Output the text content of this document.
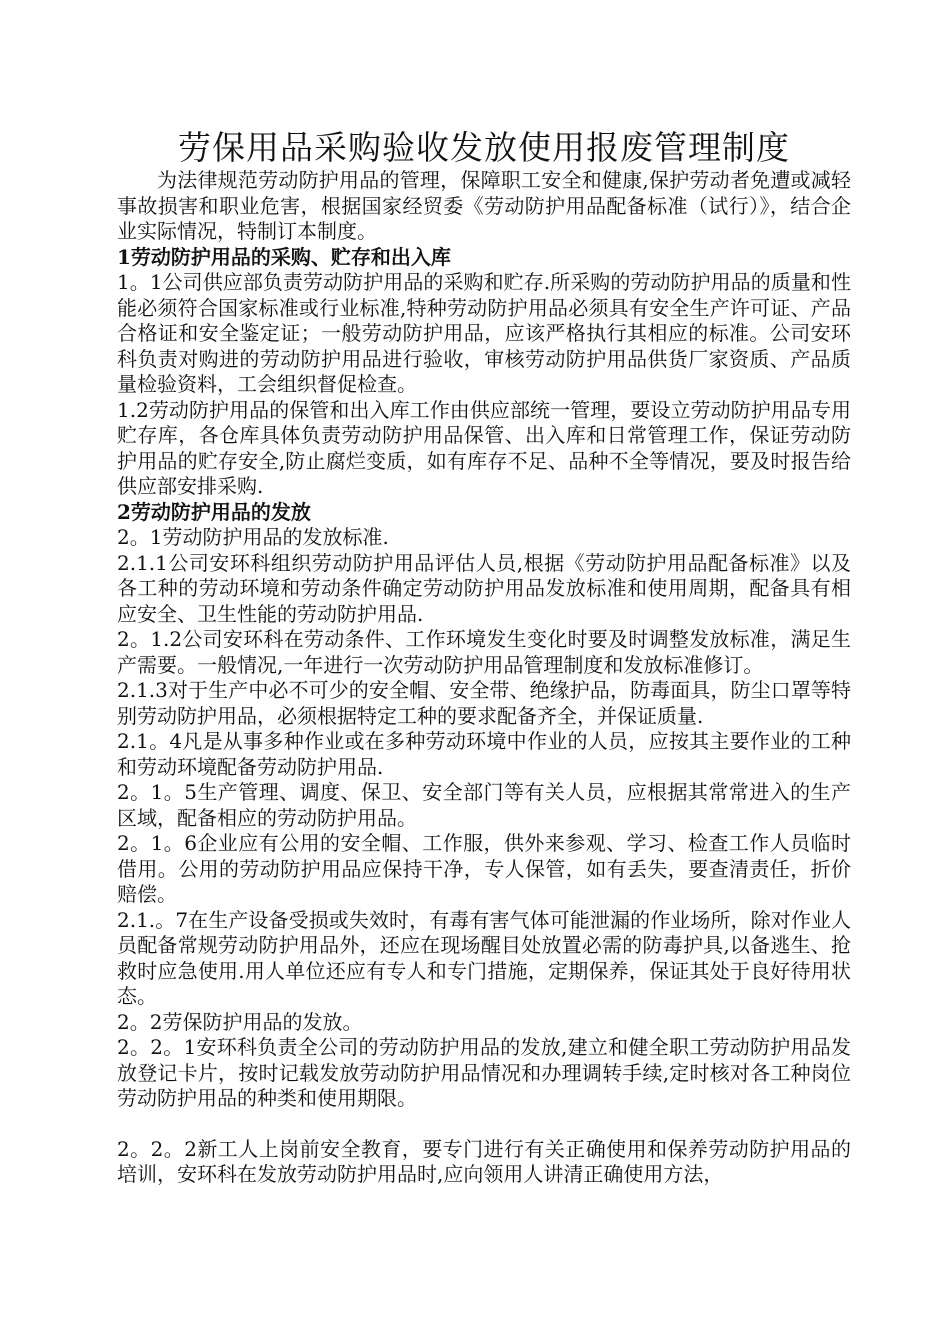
劳保用品采购验收发放使用报废管理制度

为法律规范劳动防护用品的管理，保障职工安全和健康,保护劳动者免遭或减轻事故损害和职业危害，根据国家经贸委《劳动防护用品配备标准（试行）》，结合企业实际情况，特制订本制度。

1劳动防护用品的采购、贮存和出入库

1。1公司供应部负责劳动防护用品的采购和贮存.所采购的劳动防护用品的质量和性能必须符合国家标准或行业标准,特种劳动防护用品必须具有安全生产许可证、产品合格证和安全鉴定证；一般劳动防护用品，应该严格执行其相应的标准。公司安环科负责对购进的劳动防护用品进行验收，审核劳动防护用品供货厂家资质、产品质量检验资料，工会组织督促检查。

1.2劳动防护用品的保管和出入库工作由供应部统一管理，要设立劳动防护用品专用贮存库，各仓库具体负责劳动防护用品保管、出入库和日常管理工作，保证劳动防护用品的贮存安全,防止腐烂变质，如有库存不足、品种不全等情况，要及时报告给供应部安排采购.

2劳动防护用品的发放

2。1劳动防护用品的发放标准.

2.1.1公司安环科组织劳动防护用品评估人员,根据《劳动防护用品配备标准》以及各工种的劳动环境和劳动条件确定劳动防护用品发放标准和使用周期，配备具有相应安全、卫生性能的劳动防护用品.

2。1.2公司安环科在劳动条件、工作环境发生变化时要及时调整发放标准，满足生产需要。一般情况,一年进行一次劳动防护用品管理制度和发放标准修订。

2.1.3对于生产中必不可少的安全帽、安全带、绝缘护品，防毒面具，防尘口罩等特别劳动防护用品，必须根据特定工种的要求配备齐全，并保证质量.

2.1。4凡是从事多种作业或在多种劳动环境中作业的人员，应按其主要作业的工种和劳动环境配备劳动防护用品.

2。1。5生产管理、调度、保卫、安全部门等有关人员，应根据其常常进入的生产区域，配备相应的劳动防护用品。

2。1。6企业应有公用的安全帽、工作服，供外来参观、学习、检查工作人员临时借用。公用的劳动防护用品应保持干净，专人保管，如有丢失，要查清责任，折价赔偿。

2.1.。7在生产设备受损或失效时，有毒有害气体可能泄漏的作业场所，除对作业人员配备常规劳动防护用品外，还应在现场醒目处放置必需的防毒护具,以备逃生、抢救时应急使用.用人单位还应有专人和专门措施，定期保养，保证其处于良好待用状态。

2。2劳保防护用品的发放。

2。2。1安环科负责全公司的劳动防护用品的发放,建立和健全职工劳动防护用品发放登记卡片，按时记载发放劳动防护用品情况和办理调转手续,定时核对各工种岗位劳动防护用品的种类和使用期限。

2。2。2新工人上岗前安全教育，要专门进行有关正确使用和保养劳动防护用品的培训，安环科在发放劳动防护用品时,应向领用人讲清正确使用方法，
